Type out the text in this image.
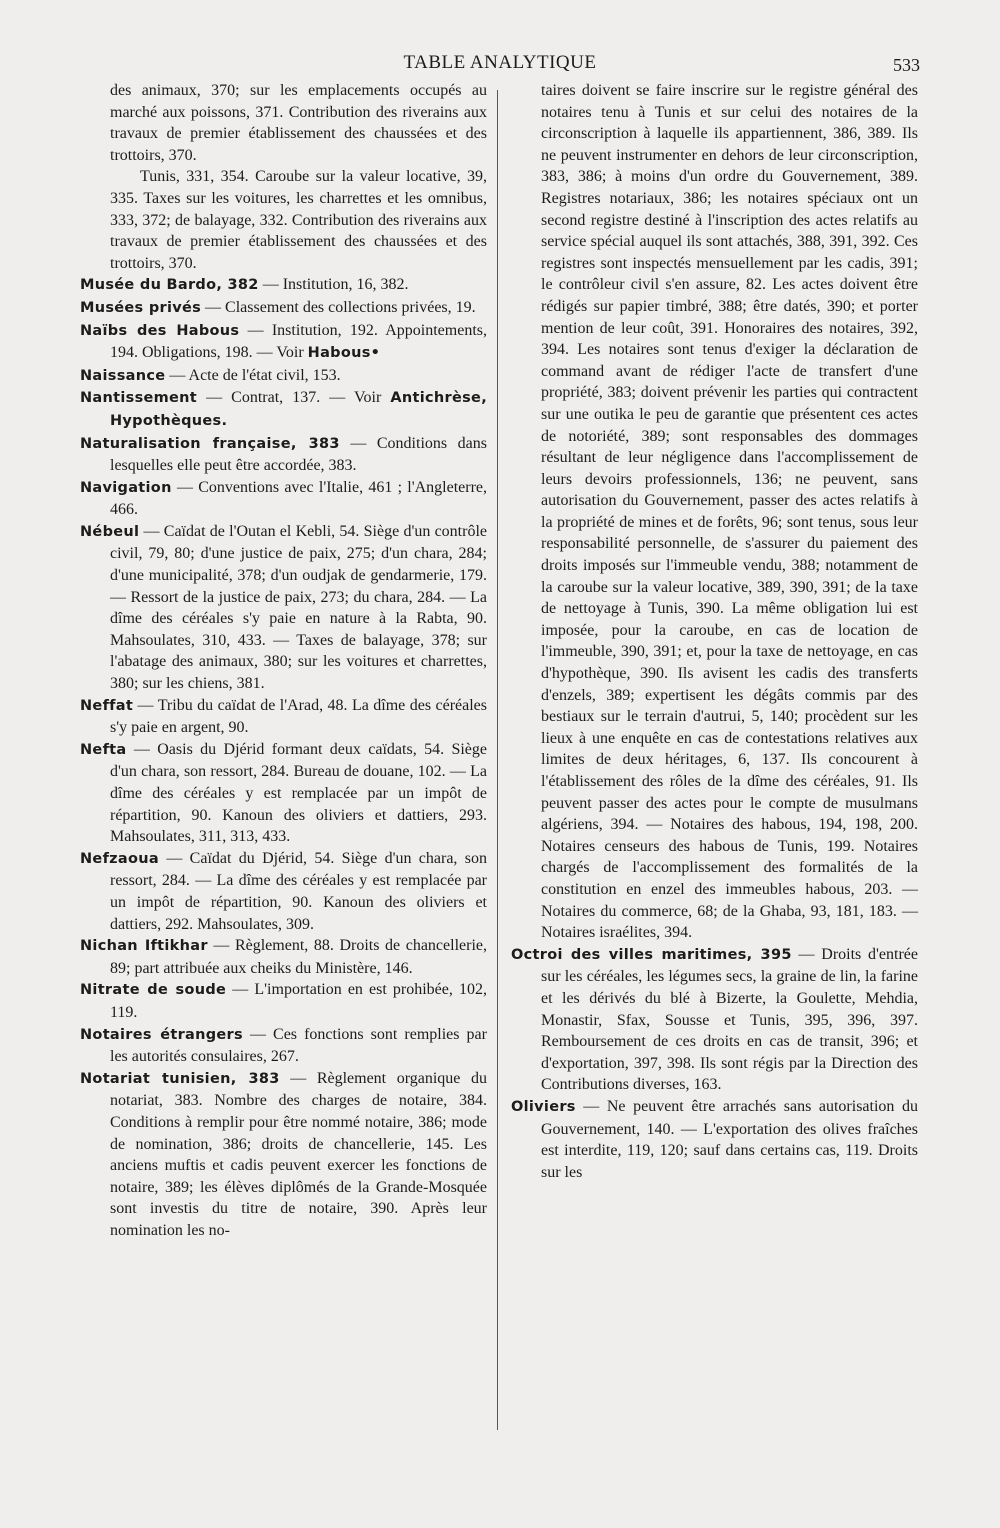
TABLE ANALYTIQUE	533

des animaux, 370; sur les emplacements occupés au marché aux poissons, 371. Contribution des riverains aux travaux de premier établissement des chaussées et des trottoirs, 370.

Tunis, 331, 354. Caroube sur la valeur locative, 39, 335. Taxes sur les voitures, les charrettes et les omnibus, 333, 372; de balayage, 332. Contribution des riverains aux travaux de premier établissement des chaussées et des trottoirs, 370.

Musée du Bardo, 382 — Institution, 16, 382.

Musées privés — Classement des collections privées, 19.

Naïbs des Habous — Institution, 192. Appointements, 194. Obligations, 198. — Voir Habous•

Naissance — Acte de l'état civil, 153.

Nantissement — Contrat, 137. — Voir Antichrèse, Hypothèques.

Naturalisation française, 383 — Conditions dans lesquelles elle peut être accordée, 383.

Navigation — Conventions avec l'Italie, 461 ; l'Angleterre, 466.

Nébeul — Caïdat de l'Outan el Kebli, 54. Siège d'un contrôle civil, 79, 80; d'une justice de paix, 275; d'un chara, 284; d'une municipalité, 378; d'un oudjak de gendarmerie, 179. — Ressort de la justice de paix, 273; du chara, 284. — La dîme des céréales s'y paie en nature à la Rabta, 90. Mahsoulates, 310, 433. — Taxes de balayage, 378; sur l'abatage des animaux, 380; sur les voitures et charrettes, 380; sur les chiens, 381.

Neffat — Tribu du caïdat de l'Arad, 48. La dîme des céréales s'y paie en argent, 90.

Nefta — Oasis du Djérid formant deux caïdats, 54. Siège d'un chara, son ressort, 284. Bureau de douane, 102. — La dîme des céréales y est remplacée par un impôt de répartition, 90. Kanoun des oliviers et dattiers, 293. Mahsoulates, 311, 313, 433.

Nefzaoua — Caïdat du Djérid, 54. Siège d'un chara, son ressort, 284. — La dîme des céréales y est remplacée par un impôt de répartition, 90. Kanoun des oliviers et dattiers, 292. Mahsoulates, 309.

Nichan Iftikhar — Règlement, 88. Droits de chancellerie, 89; part attribuée aux cheiks du Ministère, 146.

Nitrate de soude — L'importation en est prohibée, 102, 119.

Notaires étrangers — Ces fonctions sont remplies par les autorités consulaires, 267.

Notariat tunisien, 383 — Règlement organique du notariat, 383. Nombre des charges de notaire, 384. Conditions à remplir pour être nommé notaire, 386; mode de nomination, 386; droits de chancellerie, 145. Les anciens muftis et cadis peuvent exercer les fonctions de notaire, 389; les élèves diplômés de la Grande-Mosquée sont investis du titre de notaire, 390. Après leur nomination les no-

taires doivent se faire inscrire sur le registre général des notaires tenu à Tunis et sur celui des notaires de la circonscription à laquelle ils appartiennent, 386, 389. Ils ne peuvent instrumenter en dehors de leur circonscription, 383, 386; à moins d'un ordre du Gouvernement, 389. Registres notariaux, 386; les notaires spéciaux ont un second registre destiné à l'inscription des actes relatifs au service spécial auquel ils sont attachés, 388, 391, 392. Ces registres sont inspectés mensuellement par les cadis, 391; le contrôleur civil s'en assure, 82. Les actes doivent être rédigés sur papier timbré, 388; être datés, 390; et porter mention de leur coût, 391. Honoraires des notaires, 392, 394. Les notaires sont tenus d'exiger la déclaration de command avant de rédiger l'acte de transfert d'une propriété, 383; doivent prévenir les parties qui contractent sur une outika le peu de garantie que présentent ces actes de notoriété, 389; sont responsables des dommages résultant de leur négligence dans l'accomplissement de leurs devoirs professionnels, 136; ne peuvent, sans autorisation du Gouvernement, passer des actes relatifs à la propriété de mines et de forêts, 96; sont tenus, sous leur responsabilité personnelle, de s'assurer du paiement des droits imposés sur l'immeuble vendu, 388; notamment de la caroube sur la valeur locative, 389, 390, 391; de la taxe de nettoyage à Tunis, 390. La même obligation lui est imposée, pour la caroube, en cas de location de l'immeuble, 390, 391; et, pour la taxe de nettoyage, en cas d'hypothèque, 390. Ils avisent les cadis des transferts d'enzels, 389; expertisent les dégâts commis par des bestiaux sur le terrain d'autrui, 5, 140; procèdent sur les lieux à une enquête en cas de contestations relatives aux limites de deux héritages, 6, 137. Ils concourent à l'établissement des rôles de la dîme des céréales, 91. Ils peuvent passer des actes pour le compte de musulmans algériens, 394. — Notaires des habous, 194, 198, 200. Notaires censeurs des habous de Tunis, 199. Notaires chargés de l'accomplissement des formalités de la constitution en enzel des immeubles habous, 203. — Notaires du commerce, 68; de la Ghaba, 93, 181, 183. — Notaires israélites, 394.

Octroi des villes maritimes, 395 — Droits d'entrée sur les céréales, les légumes secs, la graine de lin, la farine et les dérivés du blé à Bizerte, la Goulette, Mehdia, Monastir, Sfax, Sousse et Tunis, 395, 396, 397. Remboursement de ces droits en cas de transit, 396; et d'exportation, 397, 398. Ils sont régis par la Direction des Contributions diverses, 163.

Oliviers — Ne peuvent être arrachés sans autorisation du Gouvernement, 140. — L'exportation des olives fraîches est interdite, 119, 120; sauf dans certains cas, 119. Droits sur les
